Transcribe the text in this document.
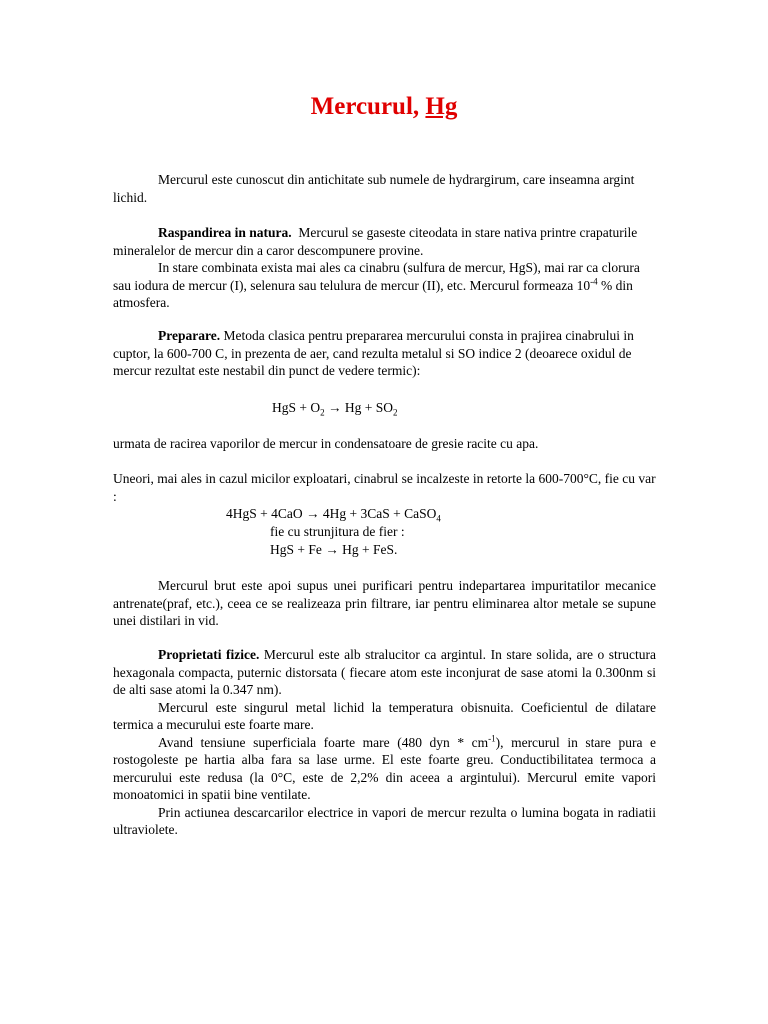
Mercurul, Hg

Mercurul este cunoscut din antichitate sub numele de hydrargirum, care inseamna argint lichid.

Raspandirea in natura. Mercurul se gaseste citeodata in stare nativa printre crapaturile mineralelor de mercur din a caror descompunere provine.

In stare combinata exista mai ales ca cinabru (sulfura de mercur, HgS), mai rar ca clorura sau iodura de mercur (I), selenura sau telulura de mercur (II), etc. Mercurul formeaza $10^{-4}$ % din atmosfera.

Preparare. Metoda clasica pentru prepararea mercurului consta in prajirea cinabrului in cuptor, la 600-700 C, in prezenta de aer, cand rezulta metalul si SO indice 2 (deoarece oxidul de mercur rezultat este nestabil din punct de vedere termic):

HgS + $O_2 \to Hg + SO_2$

urmata de racirea vaporilor de mercur in condensatoare de gresie racite cu apa.

Uneori, mai ales in cazul micilor exploatari, cinabrul se incalzeste in retorte la 600-700°C, fie cu var :

4HgS + 4CaO → 4Hg + 3CaS + CaSO$_4$
fie cu strunjitura de fier :
HgS + Fe → Hg + FeS.

Mercurul brut este apoi supus unei purificari pentru indepartarea impuritatilor mecanice antrenate(praf, etc.), ceea ce se realizeaza prin filtrare, iar pentru eliminarea altor metale se supune unei distilari in vid.

Proprietati fizice. Mercurul este alb stralucitor ca argintul. In stare solida, are o structura hexagonala compacta, puternic distorsata ( fiecare atom este inconjurat de sase atomi la 0.300nm si de alti sase atomi la 0.347 nm).

Mercurul este singurul metal lichid la temperatura obisnuita. Coeficientul de dilatare termica a mecurului este foarte mare.

Avand tensiune superficiala foarte mare (480 dyn * $cm^{-1}$), mercurul in stare pura e rostogoleste pe hartia alba fara sa lase urme. El este foarte greu. Conductibilitatea termoca a mercurului este redusa (la 0°C, este de 2,2% din aceea a argintului). Mercurul emite vapori monoatomici in spatii bine ventilate.

Prin actiunea descarcarilor electrice in vapori de mercur rezulta o lumina bogata in radiatii ultraviolete.
